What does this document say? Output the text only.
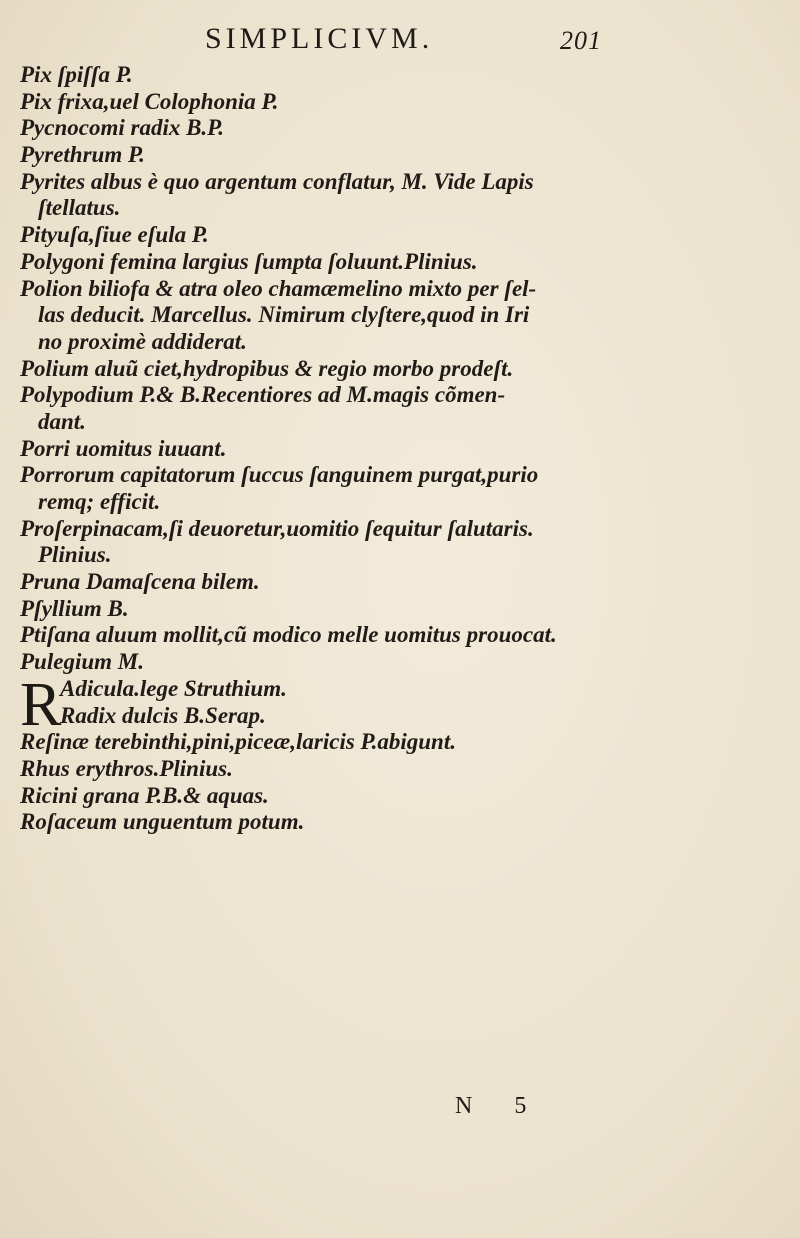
SIMPLICIVM.	201
Pix ſpiſſa P.
Pix frixa,uel Colophonia P.
Pycnocomi radix B.P.
Pyrethrum P.
Pyrites albus è quo argentum conflatur, M. Vide Lapis
ſtellatus.
Pityuſa,ſiue eſula P.
Polygoni femina largius ſumpta ſoluunt.Plinius.
Polion biliofa & atra oleo chamæmelino mixto per ſel-
las deducit. Marcellus. Nimirum clyſtere,quod in Iri
no proximè addiderat.
Polium aluũ ciet,hydropibus & regio morbo prodeſt.
Polypodium P.& B.Recentiores ad M.magis cõmen-
dant.
Porri uomitus iuuant.
Porrorum capitatorum ſuccus ſanguinem purgat,purio
remq; efficit.
Proſerpinacam,ſi deuoretur,uomitio ſequitur ſalutaris.
Plinius.
Pruna Damaſcena bilem.
Pſyllium B.
Ptiſana aluum mollit,cũ modico melle uomitus prouocat.
Pulegium M.
R
Adicula.lege Struthium.
Radix dulcis B.Serap.
Reſinæ terebinthi,pini,piceæ,laricis P.abigunt.
Rhus erythros.Plinius.
Ricini grana P.B.& aquas.
Roſaceum unguentum potum.
N 5
